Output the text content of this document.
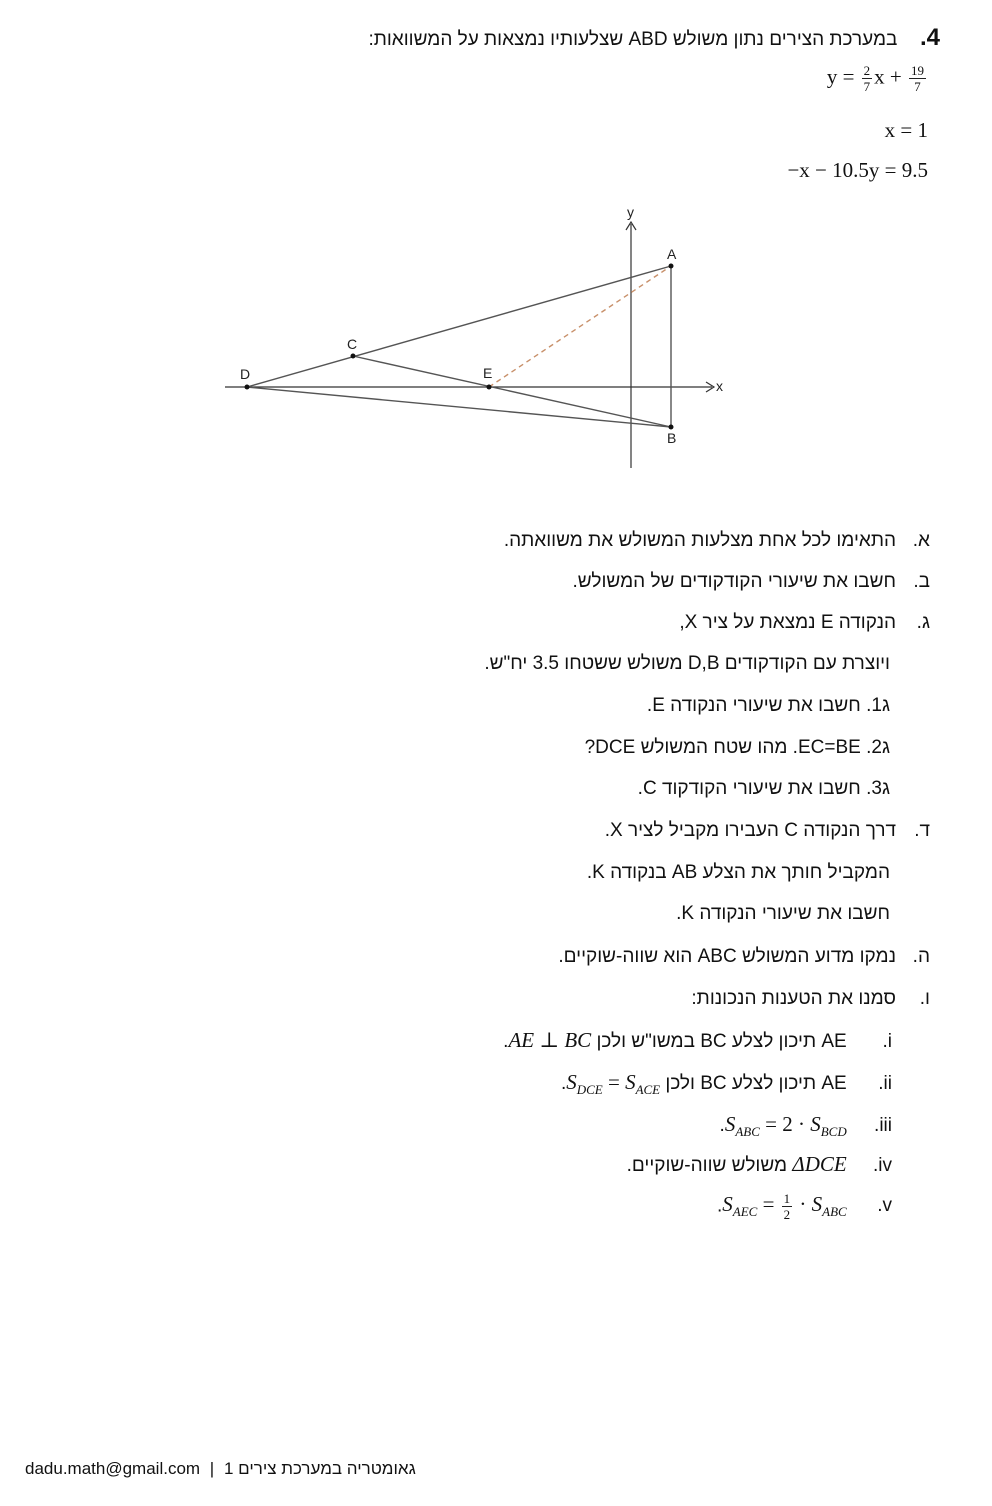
4.  במערכת הצירים נתון משולש ABD שצלעותיו נמצאות על המשוואות:
$y = \frac{2}{7}$ $x + \frac{19}{7}$
x = 1
−x − 10.5y = 9.5
x
y
A
B
C
D	E
א.
התאימו לכל אחת מצלעות המשולש את משוואתה.
ב.
חשבו את שיעורי הקודקודים של המשולש.
ג.
הנקודה E נמצאת על ציר X,
ויוצרת עם הקודקודים D,B משולש ששטחו 3.5 יח"ש.
ג1. חשבו את שיעורי הנקודה E.
ג2. EC=BE. מהו שטח המשולש DCE?
ג3. חשבו את שיעורי הקודקוד C.
ד.
דרך הנקודה C העבירו מקביל לציר X.
המקביל חותך את הצלע AB בנקודה K.
חשבו את שיעורי הנקודה K.
ה.
נמקו מדוע המשולש ABC הוא שווה-שוקיים.
ו.
סמנו את הטענות הנכונות:
i. AE תיכון לצלע BC במשו"ש ולכן AE ⊥ BC.
ii. AE תיכון לצלע BC ולכן $S_{DCE} = S_{ACE}$.
iii. $S_{ABC} = 2 \cdot S_{BCD}$.
iv. ΔDCE משולש שווה-שוקיים.
v. $S_{AEC} = \frac{1}{2} \cdot S_{ABC}$.
dadu.math@gmail.com | גאומטריה במערכת צירים 1
